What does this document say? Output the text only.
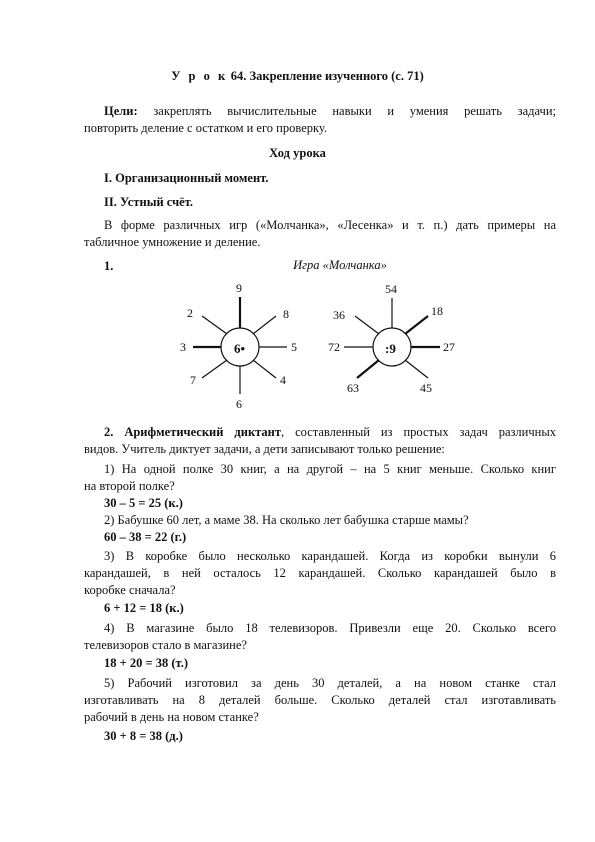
У р о к 64. Закрепление изученного (с. 71)
Цели: закреплять вычислительные навыки и умения решать задачи;
повторить деление с остатком и его проверку.
Ход урока
I. Организационный момент.
II. Устный счёт.
В форме различных игр («Молчанка», «Лесенка» и т. п.) дать примеры на
табличное умножение и деление.
1.	Игра «Молчанка»
6•
9
8
5
4
6
7
3
2
:9
54
18
27
45
63
72
36
2. Арифметический диктант, составленный из простых задач различных
видов. Учитель диктует задачи, а дети записывают только решение:
1) На одной полке 30 книг, а на другой – на 5 книг меньше. Сколько книг
на второй полке?
30 – 5 = 25 (к.)
2) Бабушке 60 лет, а маме 38. На сколько лет бабушка старше мамы?
60 – 38 = 22 (г.)
3) В коробке было несколько карандашей. Когда из коробки вынули 6
карандашей, в ней осталось 12 карандашей. Сколько карандашей было в
коробке сначала?
6 + 12 = 18 (к.)
4) В магазине было 18 телевизоров. Привезли еще 20. Сколько всего
телевизоров стало в магазине?
18 + 20 = 38 (т.)
5) Рабочий изготовил за день 30 деталей, а на новом станке стал
изготавливать на 8 деталей больше. Сколько деталей стал изготавливать
рабочий в день на новом станке?
30 + 8 = 38 (д.)
